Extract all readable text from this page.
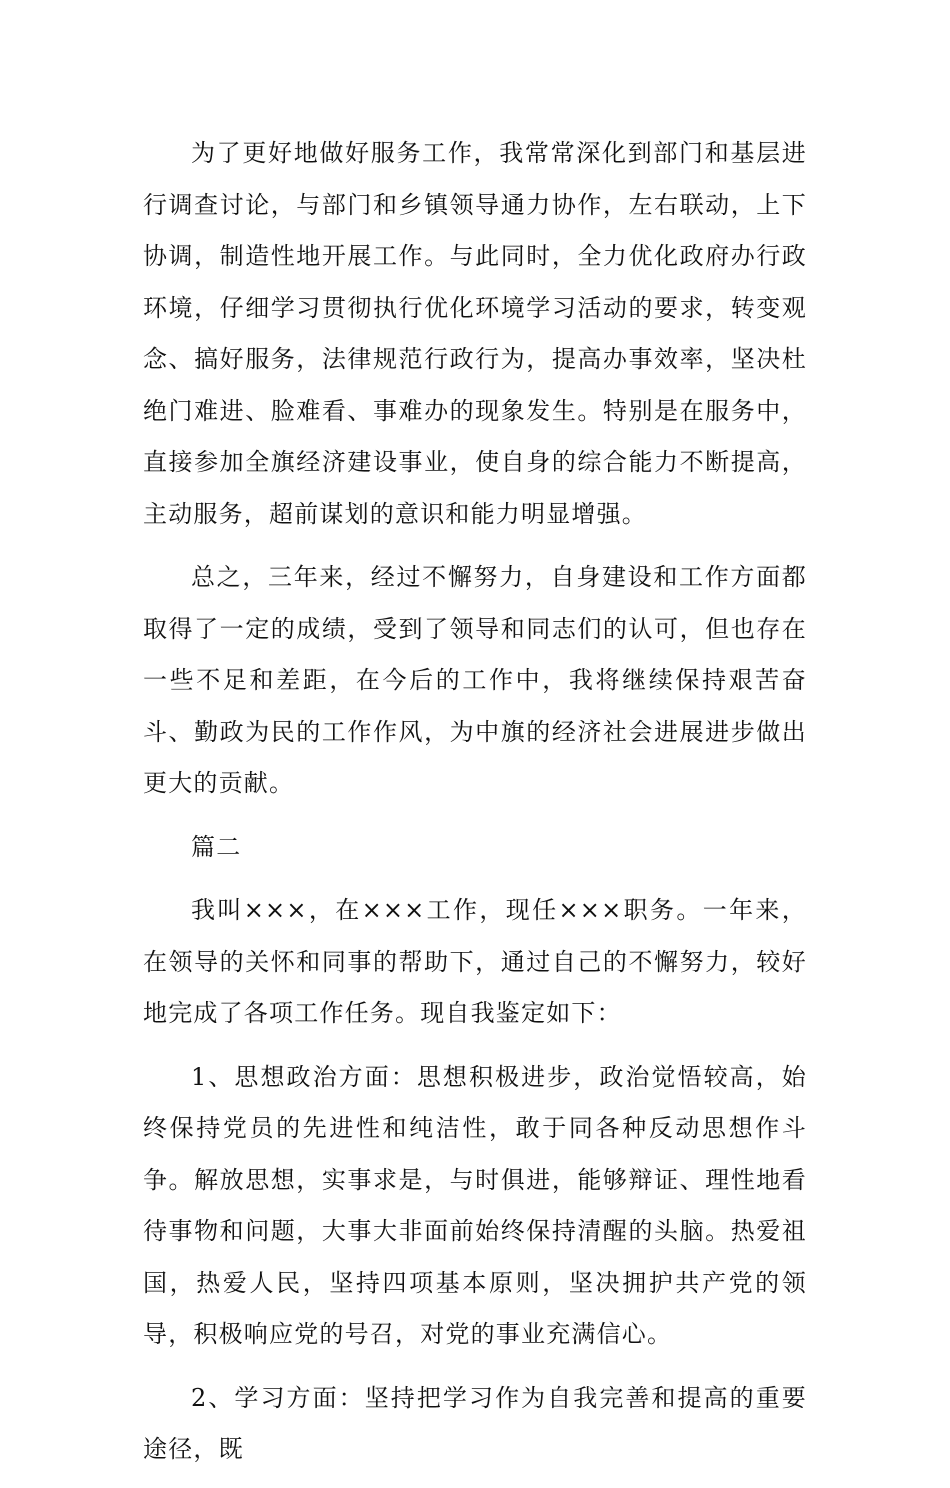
为了更好地做好服务工作，我常常深化到部门和基层进行调查讨论，与部门和乡镇领导通力协作，左右联动，上下协调，制造性地开展工作。与此同时，全力优化政府办行政环境，仔细学习贯彻执行优化环境学习活动的要求，转变观念、搞好服务，法律规范行政行为，提高办事效率，坚决杜绝门难进、脸难看、事难办的现象发生。特别是在服务中，直接参加全旗经济建设事业，使自身的综合能力不断提高，主动服务，超前谋划的意识和能力明显增强。

总之，三年来，经过不懈努力，自身建设和工作方面都取得了一定的成绩，受到了领导和同志们的认可，但也存在一些不足和差距，在今后的工作中，我将继续保持艰苦奋斗、勤政为民的工作作风，为中旗的经济社会进展进步做出更大的贡献。

篇二

我叫×××，在×××工作，现任×××职务。一年来，在领导的关怀和同事的帮助下，通过自己的不懈努力，较好地完成了各项工作任务。现自我鉴定如下：

1、思想政治方面：思想积极进步，政治觉悟较高，始终保持党员的先进性和纯洁性，敢于同各种反动思想作斗争。解放思想，实事求是，与时俱进，能够辩证、理性地看待事物和问题，大事大非面前始终保持清醒的头脑。热爱祖国，热爱人民，坚持四项基本原则，坚决拥护共产党的领导，积极响应党的号召，对党的事业充满信心。

2、学习方面：坚持把学习作为自我完善和提高的重要途径，既
